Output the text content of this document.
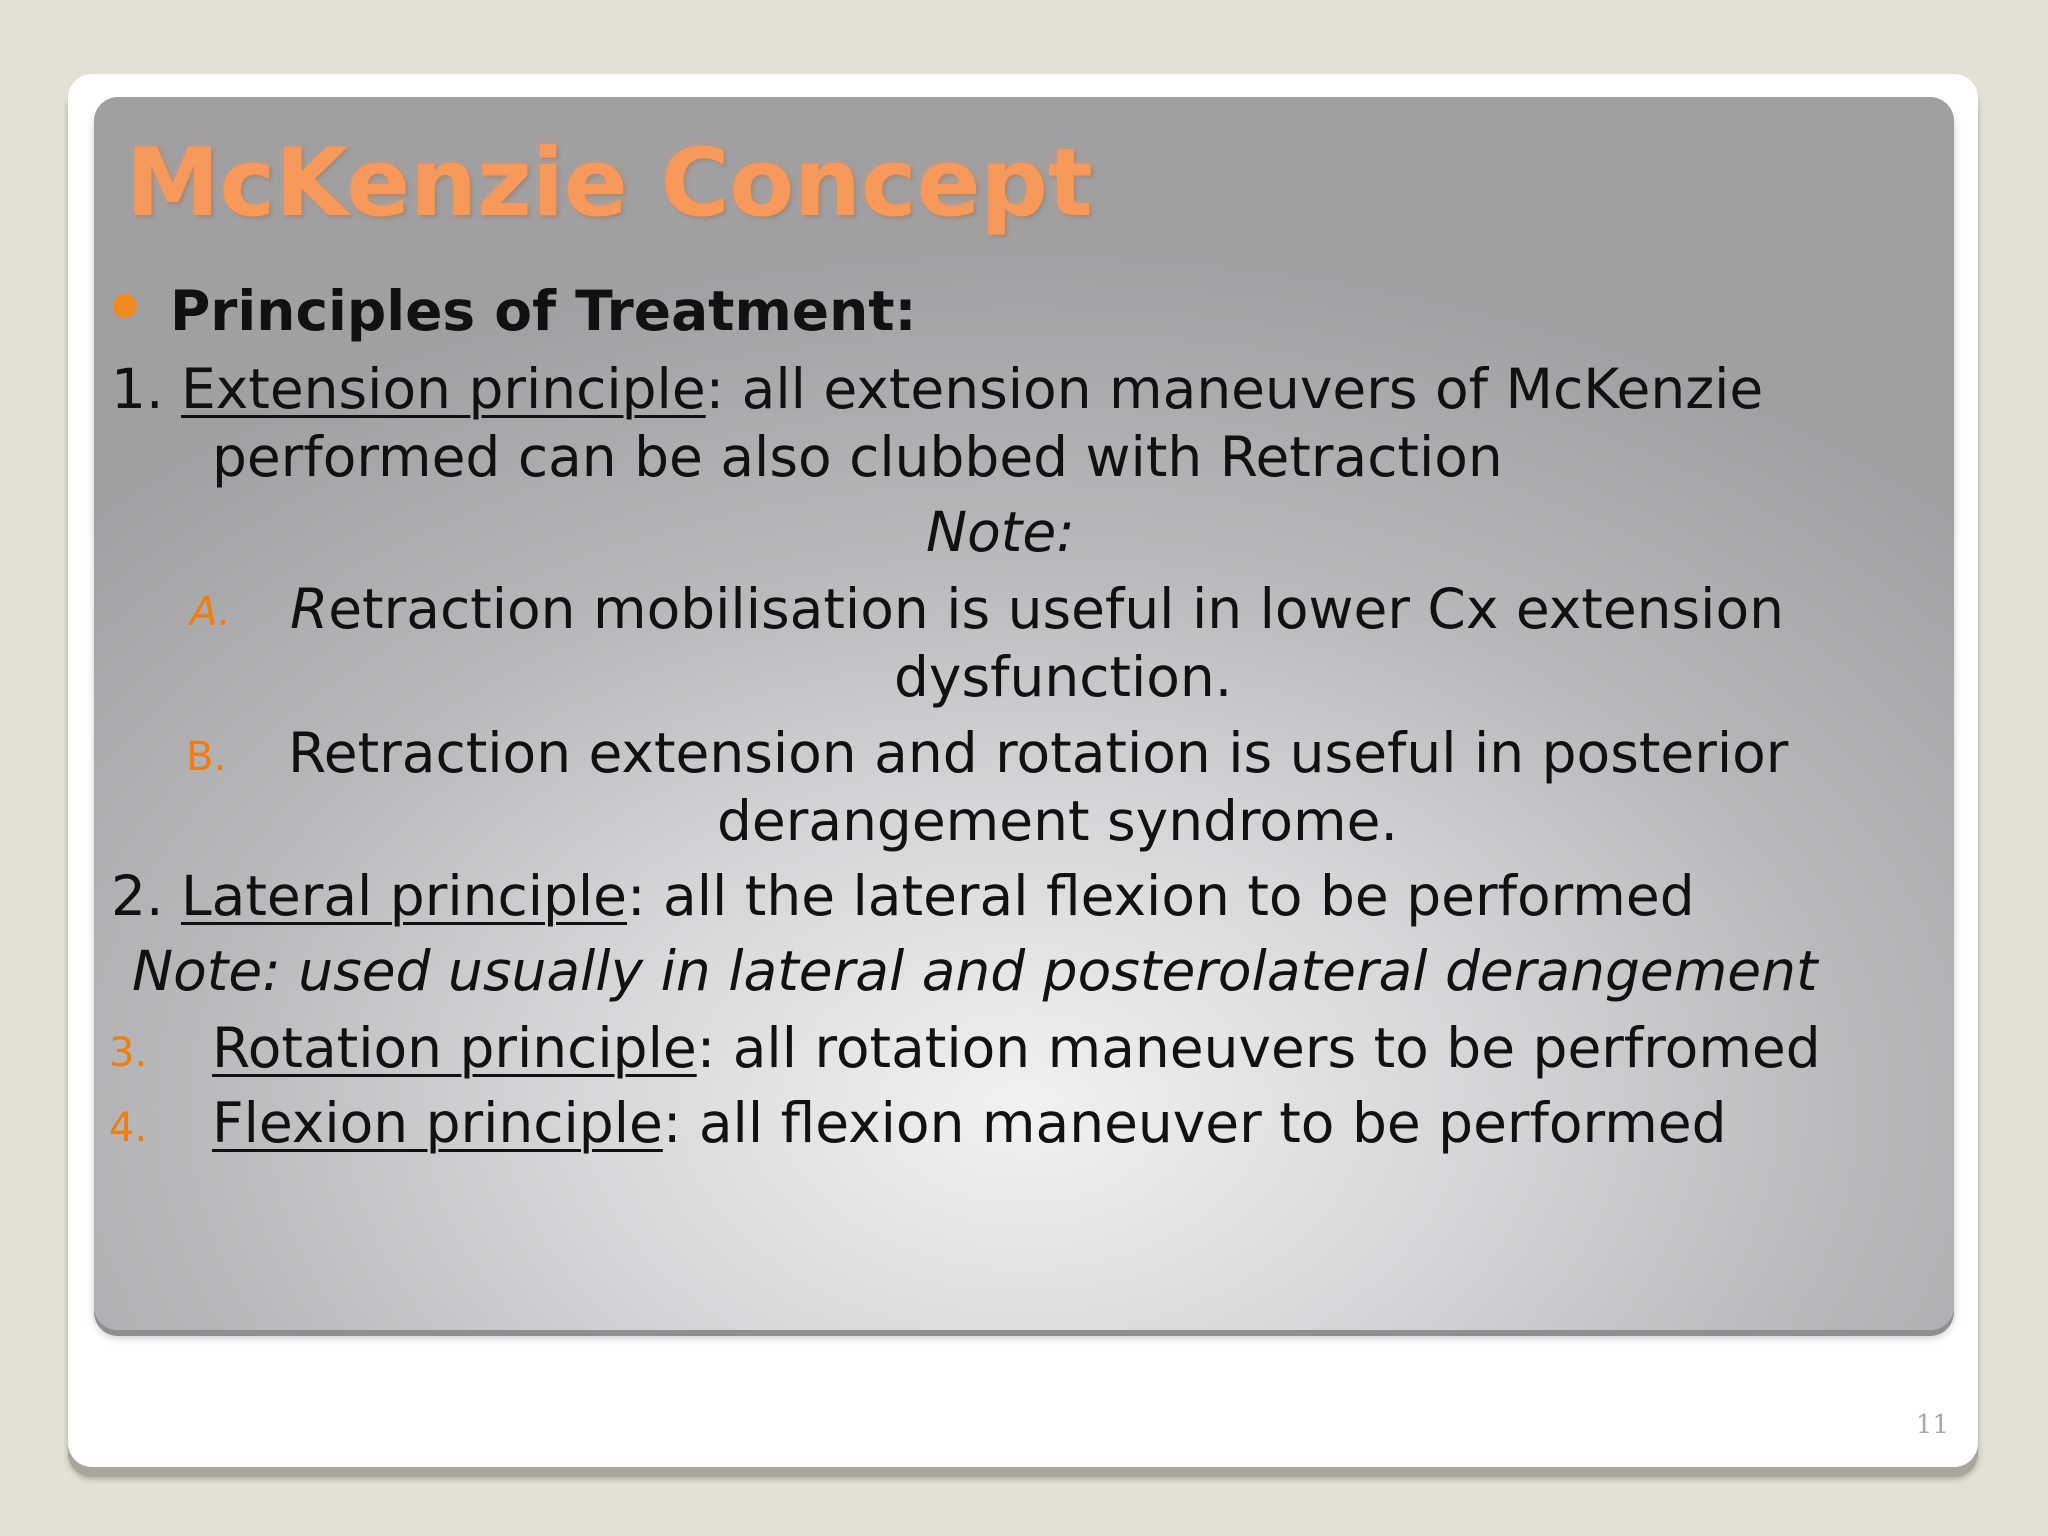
McKenzie Concept
Principles of Treatment:
1. Extension principle: all extension maneuvers of McKenzie
performed can be also clubbed with Retraction
Note:
A. Retraction mobilisation is useful in lower Cx extension
dysfunction.
B. Retraction extension and rotation is useful in posterior
derangement syndrome.
2. Lateral principle: all the lateral flexion to be performed
Note: used usually in lateral and posterolateral derangement
3. Rotation principle: all rotation maneuvers to be perfromed
4. Flexion principle: all flexion maneuver to be performed
11
